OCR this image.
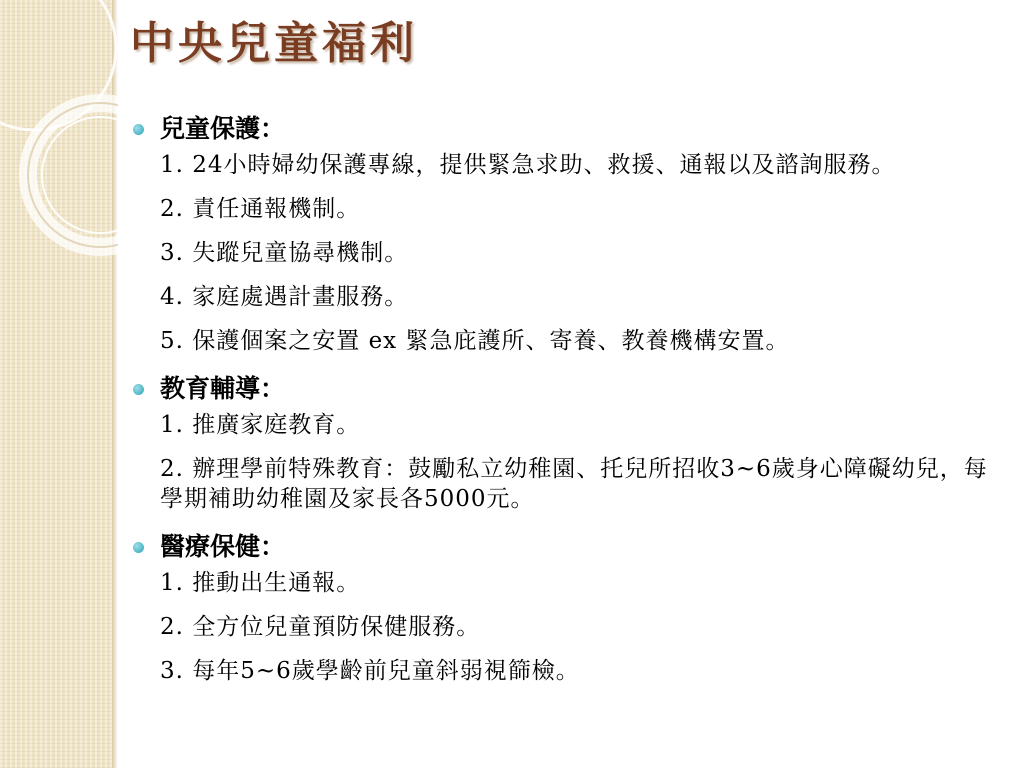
中央兒童福利
兒童保護：
1. 24小時婦幼保護專線，提供緊急求助、救援、通報以及諮詢服務。
2. 責任通報機制。
3. 失蹤兒童協尋機制。
4. 家庭處遇計畫服務。
5. 保護個案之安置 ex 緊急庇護所、寄養、教養機構安置。
教育輔導：
1. 推廣家庭教育。
2. 辦理學前特殊教育：鼓勵私立幼稚園、托兒所招收3~6歲身心障礙幼兒，每學期補助幼稚園及家長各5000元。
醫療保健：
1. 推動出生通報。
2. 全方位兒童預防保健服務。
3. 每年5~6歲學齡前兒童斜弱視篩檢。
